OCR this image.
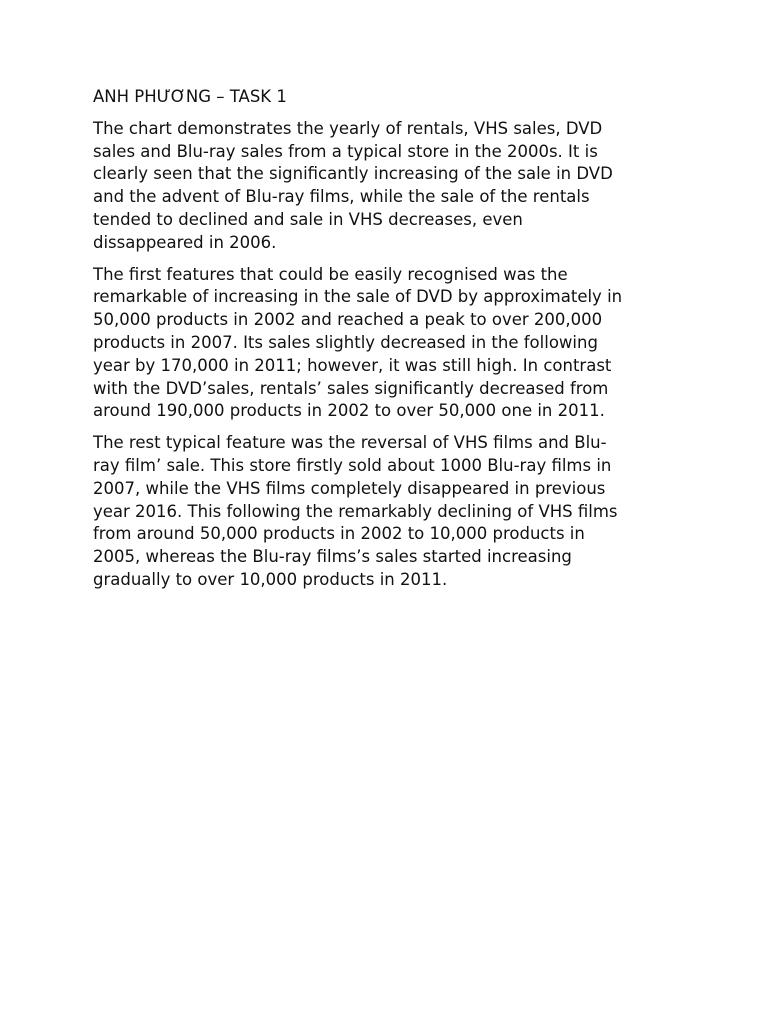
ANH PHƯƠNG – TASK 1

The chart demonstrates the yearly of rentals, VHS sales, DVD
sales and Blu-ray sales from a typical store in the 2000s. It is
clearly seen that the significantly increasing of the sale in DVD
and the advent of Blu-ray films, while the sale of the rentals
tended to declined and sale in VHS decreases, even
dissappeared in 2006.

The first features that could be easily recognised was the
remarkable of increasing in the sale of DVD by approximately in
50,000 products in 2002 and reached a peak to over 200,000
products in 2007. Its sales slightly decreased in the following
year by 170,000 in 2011; however, it was still high. In contrast
with the DVD’sales, rentals’ sales significantly decreased from
around 190,000 products in 2002 to over 50,000 one in 2011.

The rest typical feature was the reversal of VHS films and Blu-
ray film’ sale. This store firstly sold about 1000 Blu-ray films in
2007, while the VHS films completely disappeared in previous
year 2016. This following the remarkably declining of VHS films
from around 50,000 products in 2002 to 10,000 products in
2005, whereas the Blu-ray films’s sales started increasing
gradually to over 10,000 products in 2011.
